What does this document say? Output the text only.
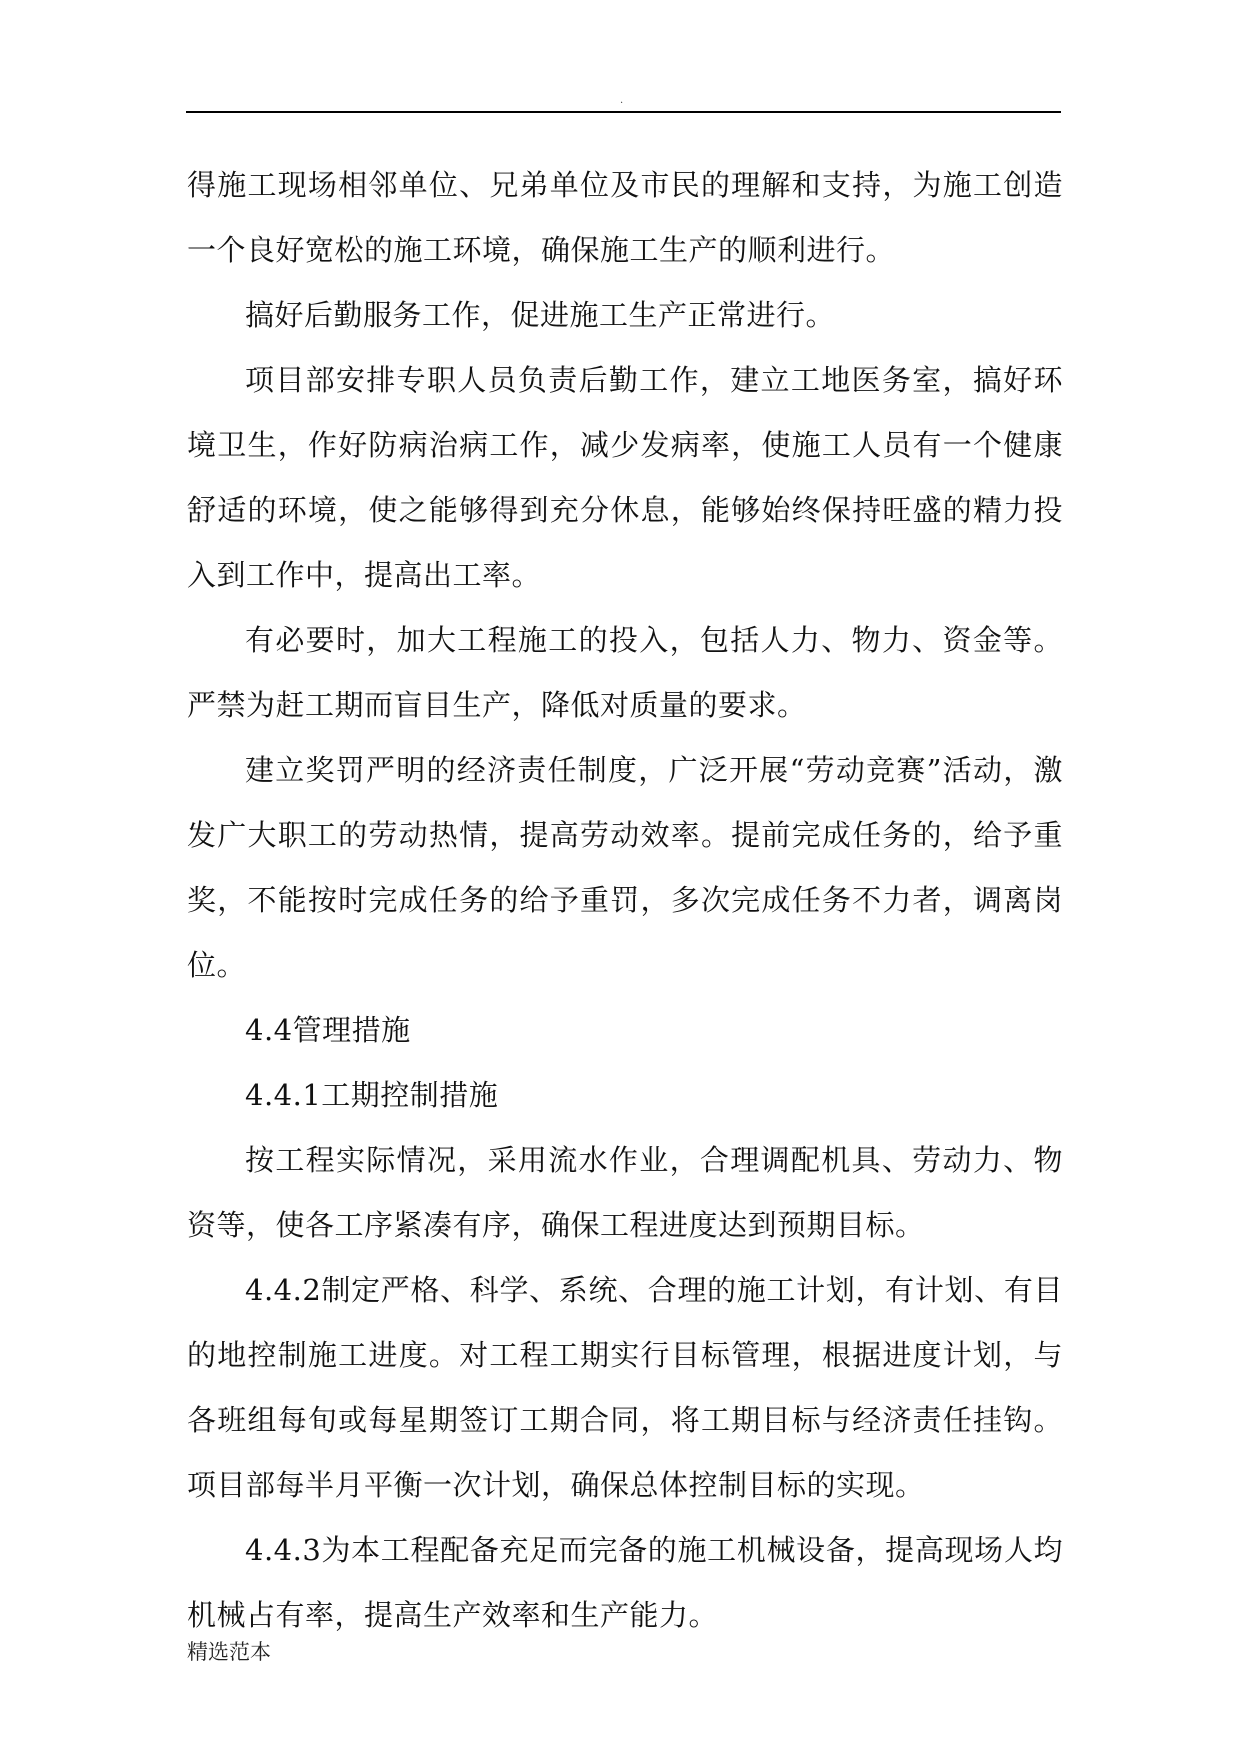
.

得施工现场相邻单位、兄弟单位及市民的理解和支持，为施工创造一个良好宽松的施工环境，确保施工生产的顺利进行。

搞好后勤服务工作，促进施工生产正常进行。

项目部安排专职人员负责后勤工作，建立工地医务室，搞好环境卫生，作好防病治病工作，减少发病率，使施工人员有一个健康舒适的环境，使之能够得到充分休息，能够始终保持旺盛的精力投入到工作中，提高出工率。

有必要时，加大工程施工的投入，包括人力、物力、资金等。严禁为赶工期而盲目生产，降低对质量的要求。

建立奖罚严明的经济责任制度，广泛开展“劳动竞赛”活动，激发广大职工的劳动热情，提高劳动效率。提前完成任务的，给予重奖，不能按时完成任务的给予重罚，多次完成任务不力者，调离岗位。

4.4管理措施

4.4.1工期控制措施

按工程实际情况，采用流水作业，合理调配机具、劳动力、物资等，使各工序紧凑有序，确保工程进度达到预期目标。

4.4.2制定严格、科学、系统、合理的施工计划，有计划、有目的地控制施工进度。对工程工期实行目标管理，根据进度计划，与各班组每旬或每星期签订工期合同，将工期目标与经济责任挂钩。项目部每半月平衡一次计划，确保总体控制目标的实现。

4.4.3为本工程配备充足而完备的施工机械设备，提高现场人均机械占有率，提高生产效率和生产能力。

精选范本
